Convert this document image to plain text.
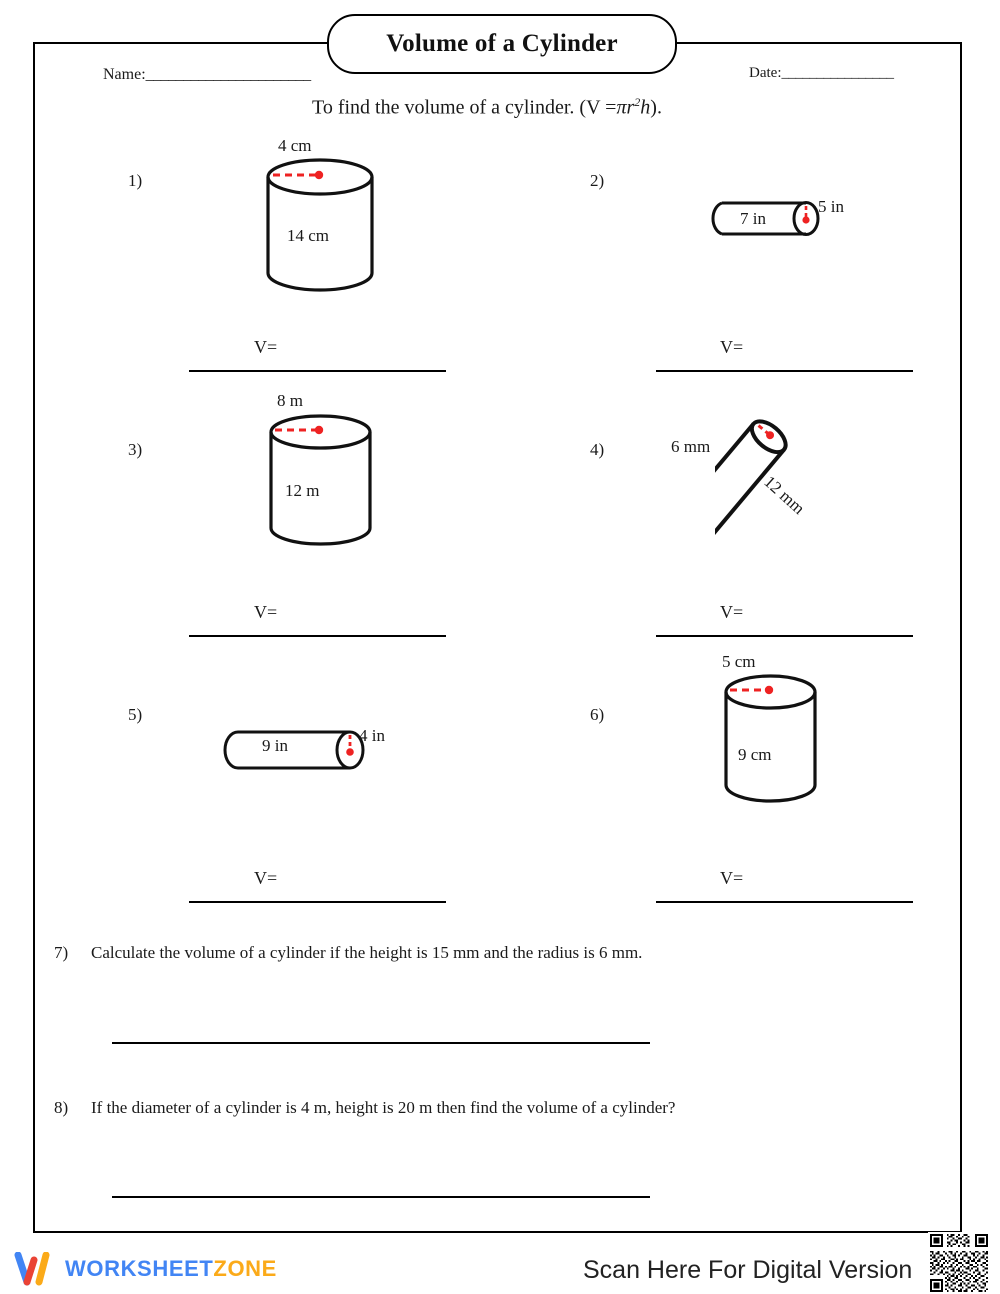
Volume of a Cylinder
Name:______________________	Date:________________
To find the volume of a cylinder. $(V =\pi r^2h)$.
1)
4 cm
14 cm
V=
2)
7 in
5 in
V=
3)
8 m
12 m
V=
4)	6 mm
12 mm
V=
5)
9 in
4 in
V=
6)
5 cm
9 cm
V=
7) Calculate the volume of a cylinder if the height is 15 mm and the radius is 6 mm.
8) If the diameter of a cylinder is 4 m, height is 20 m then find the volume of a cylinder?
WORKSHEETZONE	Scan Here For Digital Version
